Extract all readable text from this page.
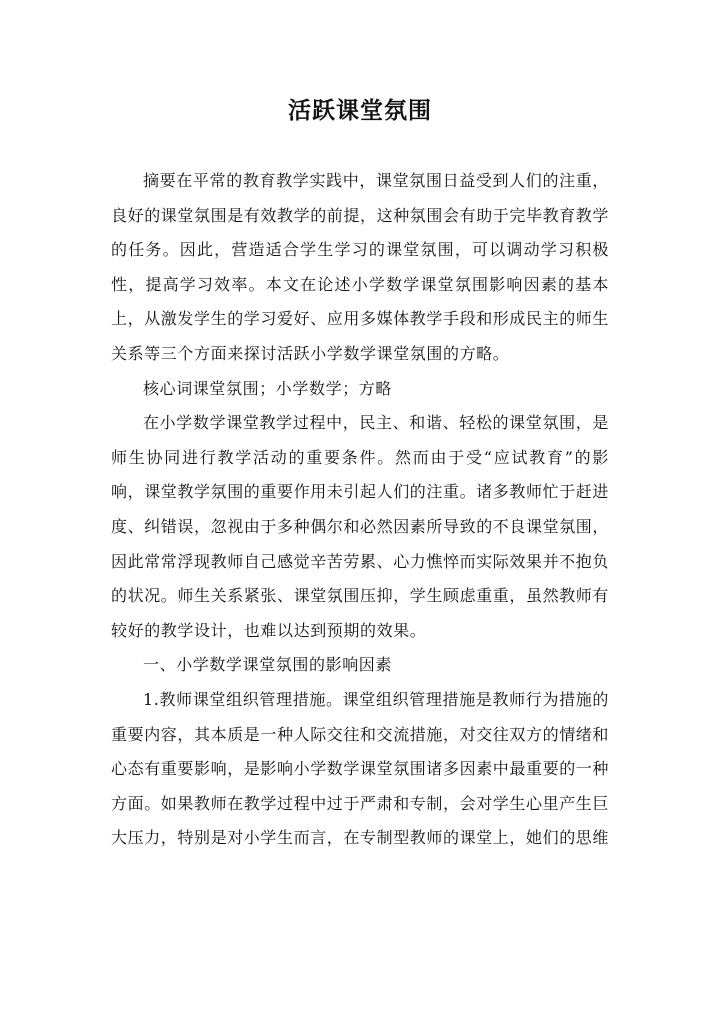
活跃课堂氛围

摘要在平常的教育教学实践中，课堂氛围日益受到人们的注重，良好的课堂氛围是有效教学的前提，这种氛围会有助于完毕教育教学的任务。因此，营造适合学生学习的课堂氛围，可以调动学习积极性，提高学习效率。本文在论述小学数学课堂氛围影响因素的基本上，从激发学生的学习爱好、应用多媒体教学手段和形成民主的师生关系等三个方面来探讨活跃小学数学课堂氛围的方略。

核心词课堂氛围；小学数学；方略

在小学数学课堂教学过程中，民主、和谐、轻松的课堂氛围，是师生协同进行教学活动的重要条件。然而由于受“应试教育”的影响，课堂教学氛围的重要作用未引起人们的注重。诸多教师忙于赶进度、纠错误，忽视由于多种偶尔和必然因素所导致的不良课堂氛围，因此常常浮现教师自己感觉辛苦劳累、心力憔悴而实际效果并不抱负的状况。师生关系紧张、课堂氛围压抑，学生顾虑重重，虽然教师有较好的教学设计，也难以达到预期的效果。

一、小学数学课堂氛围的影响因素

1.教师课堂组织管理措施。课堂组织管理措施是教师行为措施的重要内容，其本质是一种人际交往和交流措施，对交往双方的情绪和心态有重要影响，是影响小学数学课堂氛围诸多因素中最重要的一种方面。如果教师在教学过程中过于严肃和专制，会对学生心里产生巨大压力，特别是对小学生而言，在专制型教师的课堂上，她们的思维
